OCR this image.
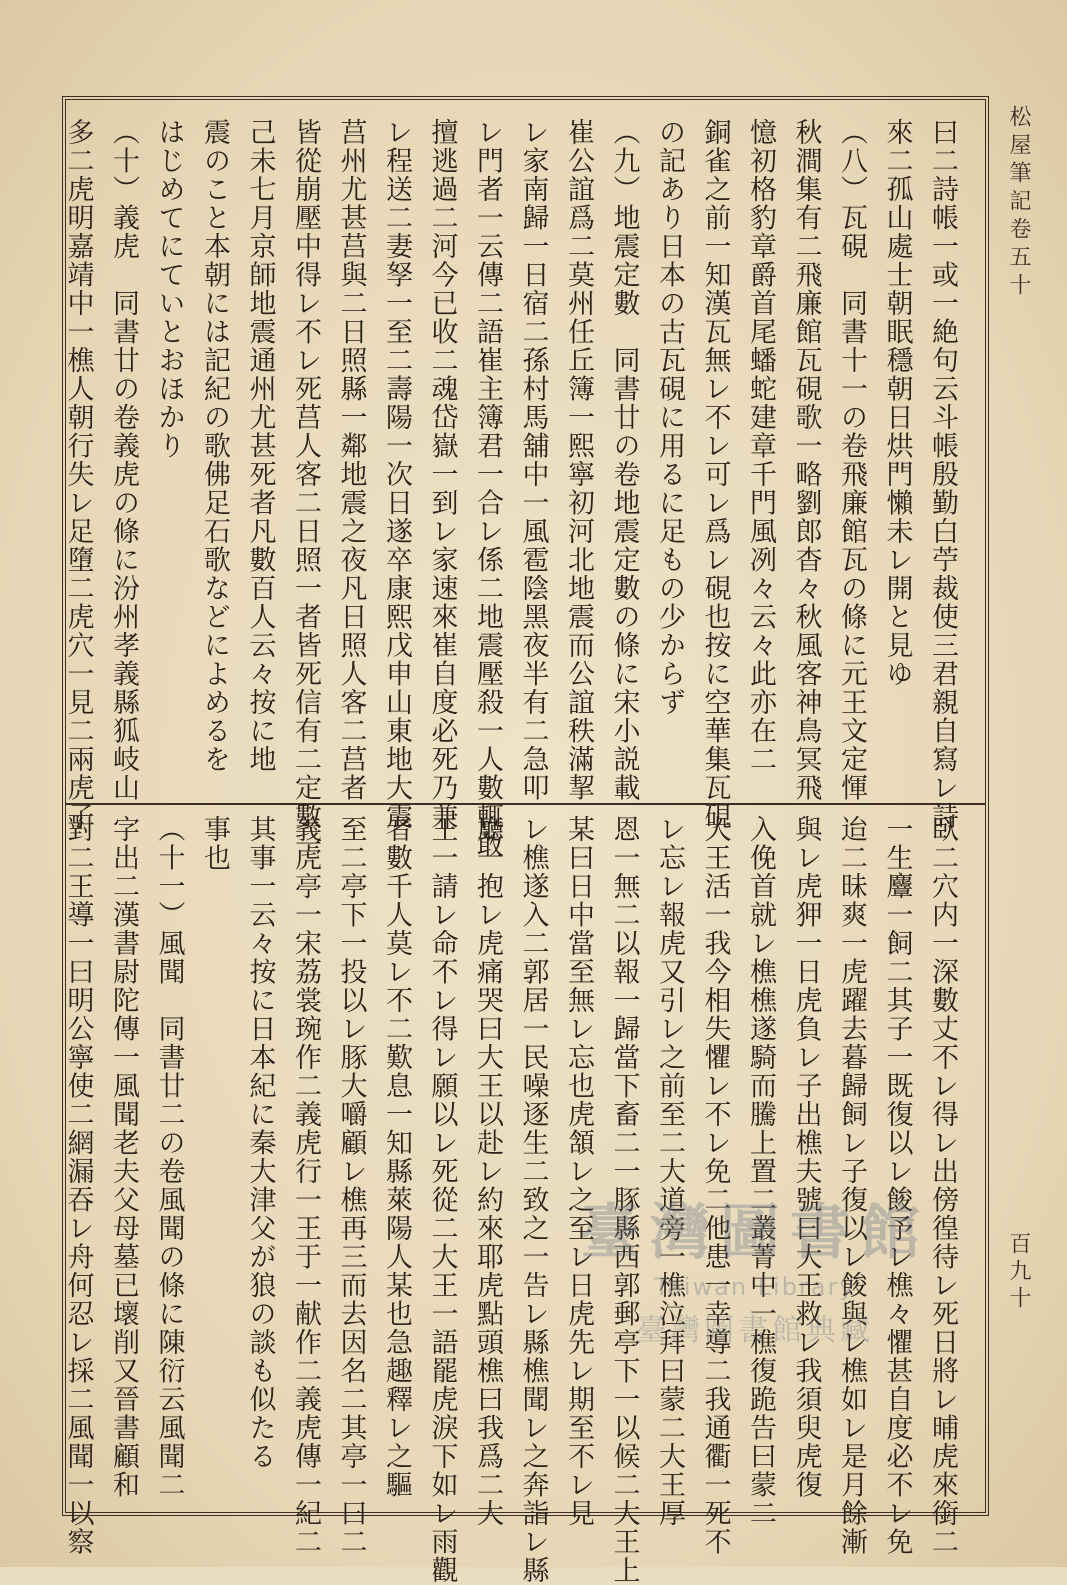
松屋筆記卷五十
百九十
曰二詩帳一或一絶句云斗帳殷勤白苧裁使三君親自寫レ詩
來二孤山處士朝眠穩朝日烘門懶未レ開と見ゆ
（八）瓦硯　同書十一の卷飛廉館瓦の條に元王文定惲
秋澗集有二飛廉館瓦硯歌一略劉郎杳々秋風客神鳥冥飛
憶初格豹章爵首尾蟠蛇建章千門風冽々云々此亦在二
銅雀之前一知漢瓦無レ不レ可レ爲レ硯也按に空華集瓦硯
の記あり日本の古瓦硯に用るに足もの少からず
（九）地震定數　同書廿の卷地震定數の條に宋小説載
崔公誼爲二莫州任丘簿一熙寧初河北地震而公誼秩滿挈
レ家南歸一日宿二孫村馬舖中一風雹陰黑夜半有二急叩
レ門者一云傳二語崔主簿君一合レ係二地震壓殺一人數輒敢
擅逃過二河今已收二魂岱嶽一到レ家速來崔自度必死乃兼
レ程送二妻孥一至二壽陽一次日遂卒康熙戊申山東地大震
莒州尤甚莒與二日照縣一鄰地震之夜凡日照人客二莒者
皆從崩壓中得レ不レ死莒人客二日照一者皆死信有二定數一
己未七月京師地震通州尤甚死者凡數百人云々按に地
震のこと本朝には記紀の歌佛足石歌などによめるを
はじめてにていとおほかり
（十）義虎　同書廿の卷義虎の條に汾州孝義縣狐岐山
多二虎明嘉靖中一樵人朝行失レ足墮二虎穴一見二兩虎子
臥二穴内一深數丈不レ得レ出傍徨待レ死日將レ晡虎來銜二
一生麞一飼二其子一既復以レ餕予レ樵々懼甚自度必不レ免
迨二昧爽一虎躍去暮歸飼レ子復以レ餕與レ樵如レ是月餘漸
與レ虎狎一日虎負レ子出樵夫號曰大王救レ我須臾虎復
入俛首就レ樵樵遂騎而騰上置二叢菁中一樵復跪告曰蒙二
大王活一我今相失懼レ不レ免二他患一幸導二我通衢一死不
レ忘レ報虎又引レ之前至二大道旁一樵泣拜曰蒙二大王厚
恩一無二以報一歸當下畜二一豚縣西郭郵亭下一以候二大王上
某曰日中當至無レ忘也虎頷レ之至レ日虎先レ期至不レ見
レ樵遂入二郭居一民噪逐生二致之一告レ縣樵聞レ之奔詣レ縣
廳一抱レ虎痛哭曰大王以赴レ約來耶虎點頭樵曰我爲二大
王一請レ命不レ得レ願以レ死從二大王一語罷虎淚下如レ雨觀
者數千人莫レ不二歎息一知縣萊陽人某也急趣釋レ之驅
至二亭下一投以レ豚大嚼顧レ樵再三而去因名二其亭一曰二
義虎亭一宋荔裳琬作二義虎行一王于一献作二義虎傳一紀二
其事一云々按に日本紀に秦大津父が狼の談も似たる
事也
（十一）風聞　同書廿二の卷風聞の條に陳衍云風聞二
字出二漢書尉陀傳一風聞老夫父母墓已壞削又晉書顧和
對二王導一曰明公寧使二網漏吞レ舟何忍レ採二風聞一以察	臺灣圖書館
Taiwan Library
臺灣圖書館典藏
